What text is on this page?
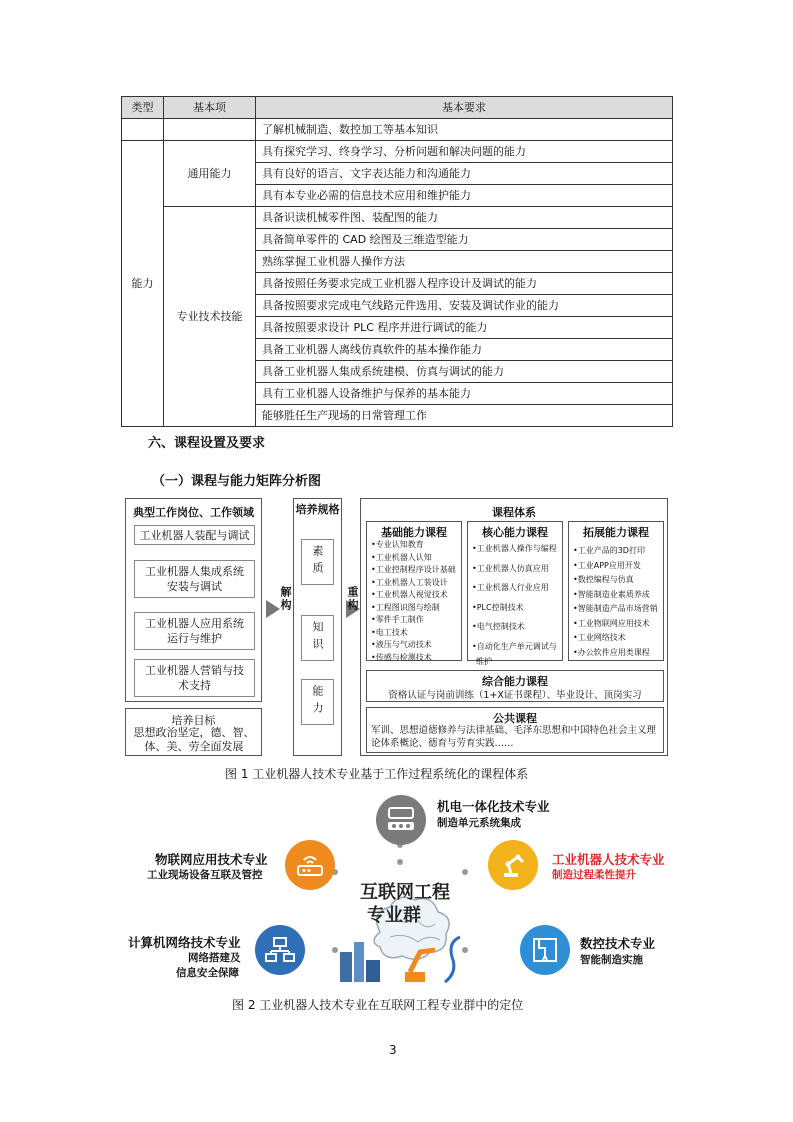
类型	基本项	基本要求
		了解机械制造、数控加工等基本知识
能力	通用能力	具有探究学习、终身学习、分析问题和解决问题的能力
		具有良好的语言、文字表达能力和沟通能力
		具有本专业必需的信息技术应用和维护能力
	专业技术技能	具备识读机械零件图、装配图的能力
		具备简单零件的 CAD 绘图及三维造型能力
		熟练掌握工业机器人操作方法
		具备按照任务要求完成工业机器人程序设计及调试的能力
		具备按照要求完成电气线路元件选用、安装及调试作业的能力
		具备按照要求设计 PLC 程序并进行调试的能力
		具备工业机器人离线仿真软件的基本操作能力
		具备工业机器人集成系统建模、仿真与调试的能力
		具有工业机器人设备维护与保养的基本能力
		能够胜任生产现场的日常管理工作
六、课程设置及要求
（一）课程与能力矩阵分析图
典型工作岗位、工作领域
工业机器人装配与调试
工业机器人集成系统安装与调试
工业机器人应用系统运行与维护
工业机器人营销与技术支持
培养目标
思想政治坚定，德、智、体、美、劳全面发展
解构
培养规格
素质
知识
能力
重构
课程体系
基础能力课程
•专业认知教育
•工业机器人认知
•工业控制程序设计基础
•工业机器人工装设计
•工业机器人视觉技术
•工程图识图与绘制
•零件手工制作
•电工技术
•液压与气动技术
•传感与检测技术
核心能力课程
•工业机器人操作与编程
•工业机器人仿真应用
•工业机器人行业应用
•PLC控制技术
•电气控制技术
•自动化生产单元调试与
维护
拓展能力课程
•工业产品的3D打印
•工业APP应用开发
•数控编程与仿真
•智能制造业素质养成
•智能制造产品市场营销
•工业物联网应用技术
•工业网络技术
•办公软件应用类课程
综合能力课程
资格认证与岗前训练（1+X证书课程）、毕业设计、顶岗实习
公共课程
军训、思想道德修养与法律基础、毛泽东思想和中国特色社会主义理
论体系概论、德育与劳育实践……
图 1 工业机器人技术专业基于工作过程系统化的课程体系
机电一体化技术专业
制造单元系统集成
物联网应用技术专业
工业现场设备互联及管控
工业机器人技术专业
制造过程柔性提升
互联网工程
专业群
计算机网络技术专业
网络搭建及
信息安全保障
数控技术专业
智能制造实施
图 2 工业机器人技术专业在互联网工程专业群中的定位
3
